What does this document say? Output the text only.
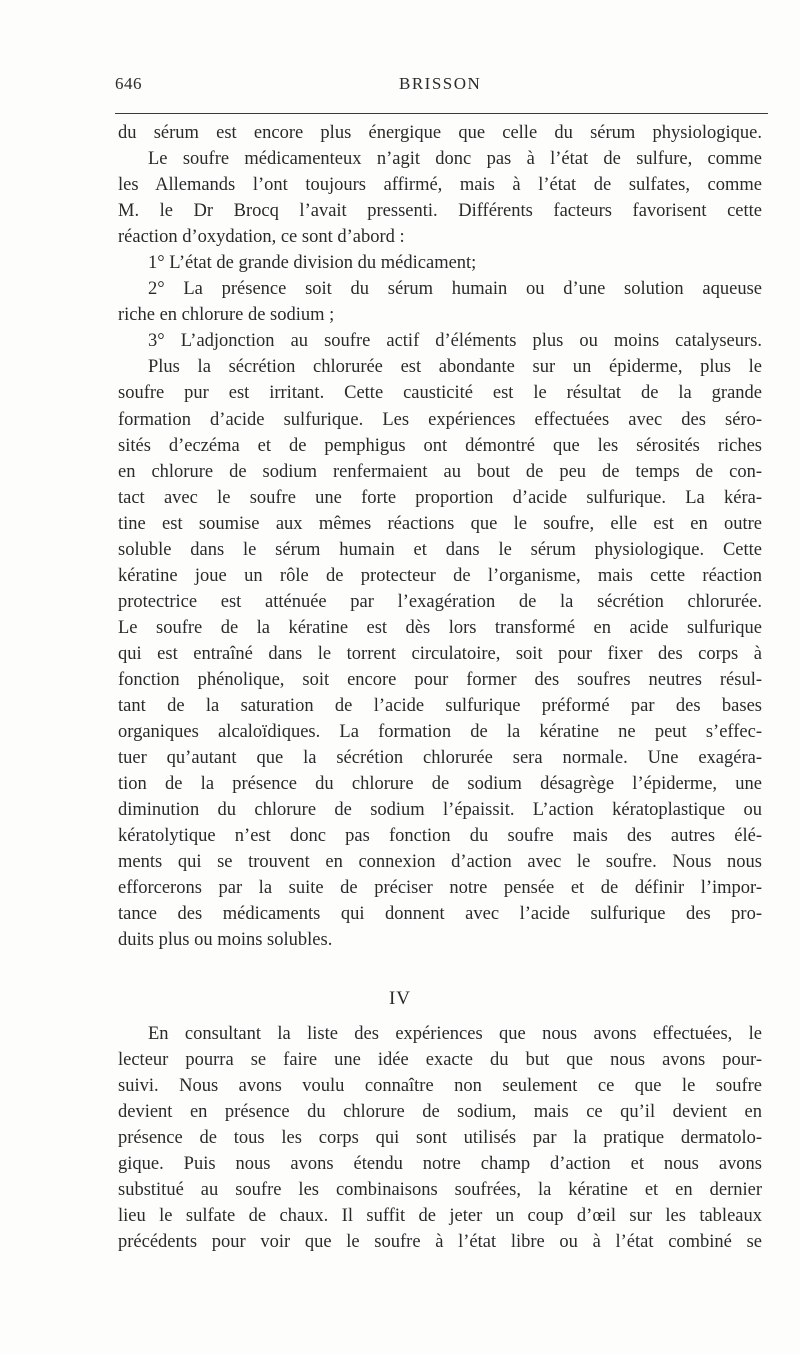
646	BRISSON
du sérum est encore plus énergique que celle du sérum physiologique.
Le soufre médicamenteux n’agit donc pas à l’état de sulfure, comme
les Allemands l’ont toujours affirmé, mais à l’état de sulfates, comme
M. le Dr Brocq l’avait pressenti. Différents facteurs favorisent cette
réaction d’oxydation, ce sont d’abord :
1° L’état de grande division du médicament;
2° La présence soit du sérum humain ou d’une solution aqueuse
riche en chlorure de sodium ;
3° L’adjonction au soufre actif d’éléments plus ou moins catalyseurs.
Plus la sécrétion chlorurée est abondante sur un épiderme, plus le
soufre pur est irritant. Cette causticité est le résultat de la grande
formation d’acide sulfurique. Les expériences effectuées avec des séro-
sités d’eczéma et de pemphigus ont démontré que les sérosités riches
en chlorure de sodium renfermaient au bout de peu de temps de con-
tact avec le soufre une forte proportion d’acide sulfurique. La kéra-
tine est soumise aux mêmes réactions que le soufre, elle est en outre
soluble dans le sérum humain et dans le sérum physiologique. Cette
kératine joue un rôle de protecteur de l’organisme, mais cette réaction
protectrice est atténuée par l’exagération de la sécrétion chlorurée.
Le soufre de la kératine est dès lors transformé en acide sulfurique
qui est entraîné dans le torrent circulatoire, soit pour fixer des corps à
fonction phénolique, soit encore pour former des soufres neutres résul-
tant de la saturation de l’acide sulfurique préformé par des bases
organiques alcaloïdiques. La formation de la kératine ne peut s’effec-
tuer qu’autant que la sécrétion chlorurée sera normale. Une exagéra-
tion de la présence du chlorure de sodium désagrège l’épiderme, une
diminution du chlorure de sodium l’épaissit. L’action kératoplastique ou
kératolytique n’est donc pas fonction du soufre mais des autres élé-
ments qui se trouvent en connexion d’action avec le soufre. Nous nous
efforcerons par la suite de préciser notre pensée et de définir l’impor-
tance des médicaments qui donnent avec l’acide sulfurique des pro-
duits plus ou moins solubles.
IV
En consultant la liste des expériences que nous avons effectuées, le
lecteur pourra se faire une idée exacte du but que nous avons pour-
suivi. Nous avons voulu connaître non seulement ce que le soufre
devient en présence du chlorure de sodium, mais ce qu’il devient en
présence de tous les corps qui sont utilisés par la pratique dermatolo-
gique. Puis nous avons étendu notre champ d’action et nous avons
substitué au soufre les combinaisons soufrées, la kératine et en dernier
lieu le sulfate de chaux. Il suffit de jeter un coup d’œil sur les tableaux
précédents pour voir que le soufre à l’état libre ou à l’état combiné se
